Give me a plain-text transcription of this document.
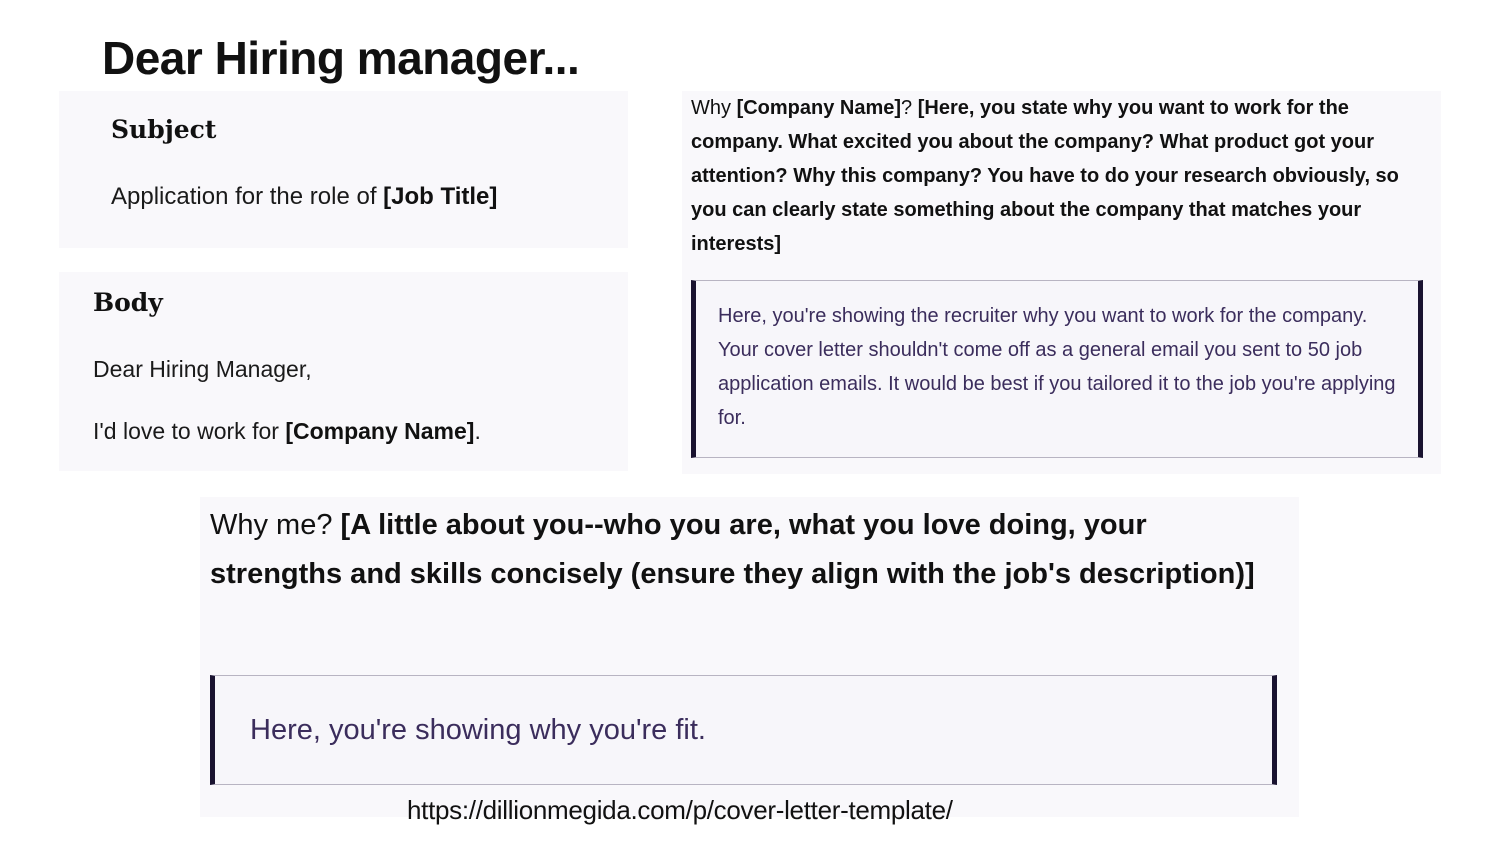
Dear Hiring manager...
Subject
Application for the role of [Job Title]
Body
Dear Hiring Manager,
I'd love to work for [Company Name].
Why [Company Name]? [Here, you state why you want to work for the company. What excited you about the company? What product got your attention? Why this company? You have to do your research obviously, so you can clearly state something about the company that matches your interests]
Here, you're showing the recruiter why you want to work for the company. Your cover letter shouldn't come off as a general email you sent to 50 job application emails. It would be best if you tailored it to the job you're applying for.
Why me? [A little about you--who you are, what you love doing, your strengths and skills concisely (ensure they align with the job's description)]
Here, you're showing why you're fit.
https://dillionmegida.com/p/cover-letter-template/
